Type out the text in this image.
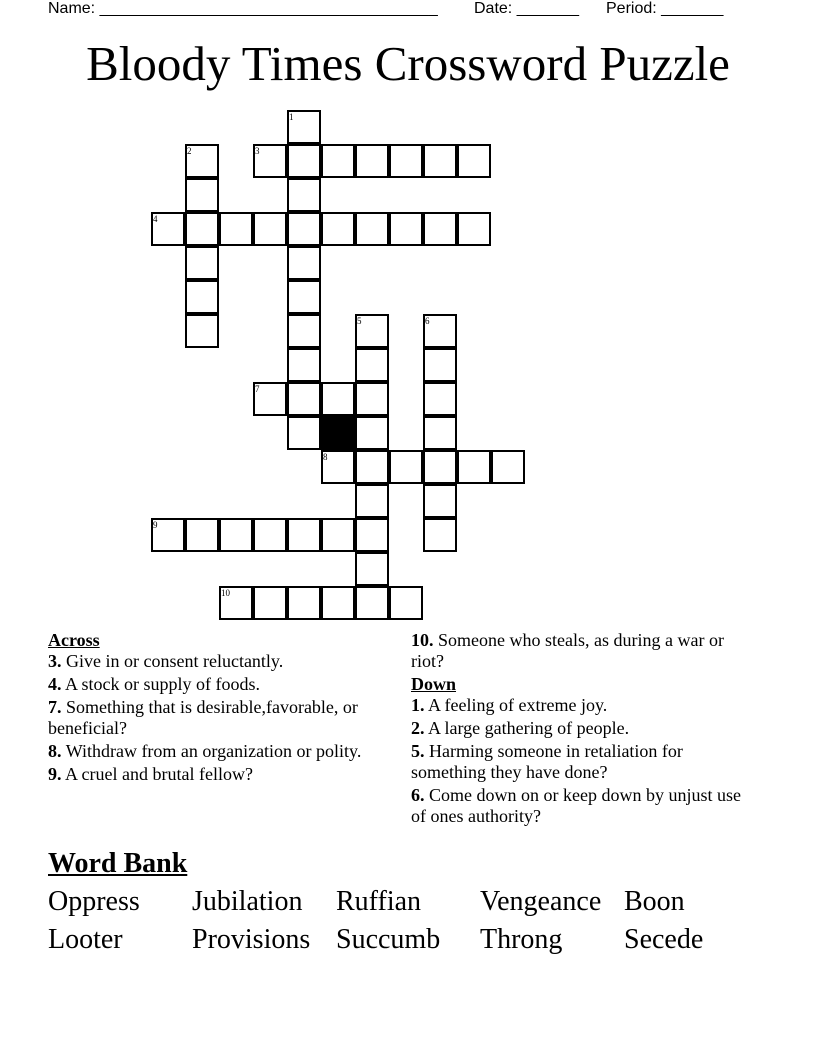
Name: ______________________________________ Date: _______ Period: _______
Bloody Times Crossword Puzzle
1
2	3
4
5	6
7
8
9
10
Across
3. Give in or consent reluctantly.
4. A stock or supply of foods.
7. Something that is desirable,favorable, or beneficial?
8. Withdraw from an organization or polity.
9. A cruel and brutal fellow?
10. Someone who steals, as during a war or riot?
Down
1. A feeling of extreme joy.
2. A large gathering of people.
5. Harming someone in retaliation for something they have done?
6. Come down on or keep down by unjust use of ones authority?
Word Bank
Oppress Jubilation Ruffian Vengeance Boon
Looter Provisions Succumb Throng Secede
